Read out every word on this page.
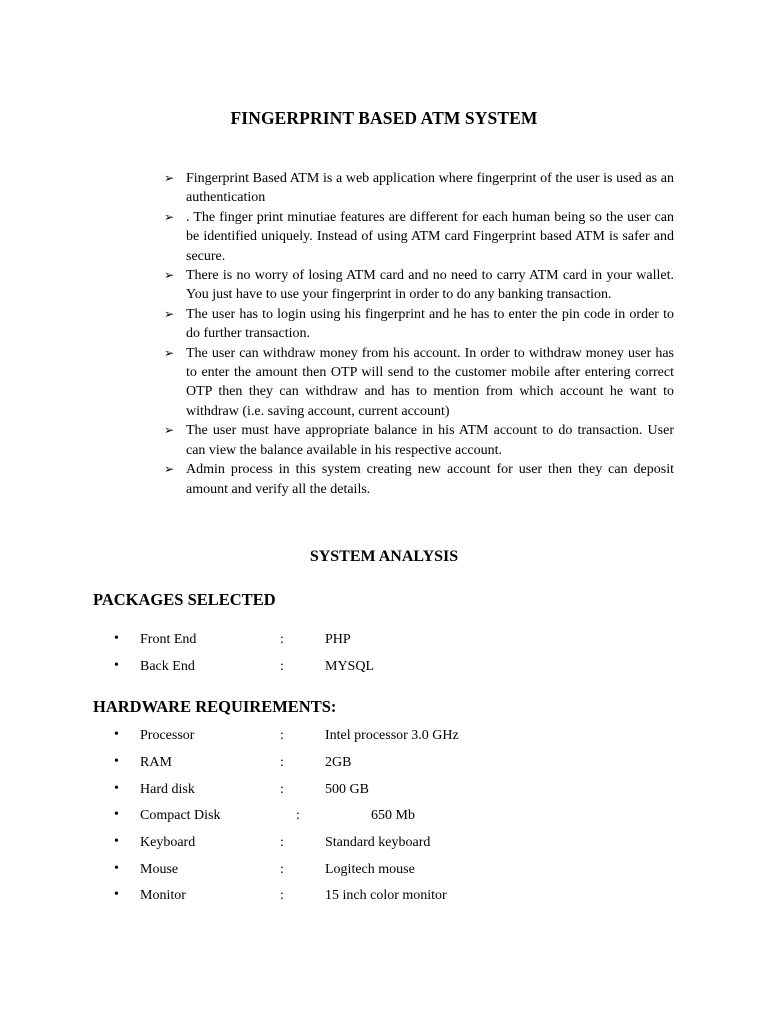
FINGERPRINT BASED ATM SYSTEM
➢ Fingerprint Based ATM is a web application where fingerprint of the user is used as an authentication
➢ . The finger print minutiae features are different for each human being so the user can be identified uniquely. Instead of using ATM card Fingerprint based ATM is safer and secure.
➢ There is no worry of losing ATM card and no need to carry ATM card in your wallet. You just have to use your fingerprint in order to do any banking transaction.
➢ The user has to login using his fingerprint and he has to enter the pin code in order to do further transaction.
➢ The user can withdraw money from his account. In order to withdraw money user has to enter the amount then OTP will send to the customer mobile after entering correct OTP then they can withdraw and has to mention from which account he want to withdraw (i.e. saving account, current account)
➢ The user must have appropriate balance in his ATM account to do transaction. User can view the balance available in his respective account.
➢ Admin process in this system creating new account for user then they can deposit amount and verify all the details.
SYSTEM ANALYSIS
PACKAGES SELECTED
• Front End	:	PHP
• Back End	:	MYSQL
HARDWARE REQUIREMENTS:
• Processor	:	Intel processor 3.0 GHz
• RAM	:	2GB
• Hard disk	:	500 GB
• Compact Disk	:	650 Mb
• Keyboard	:	Standard keyboard
• Mouse	:	Logitech mouse
• Monitor	:	15 inch color monitor
